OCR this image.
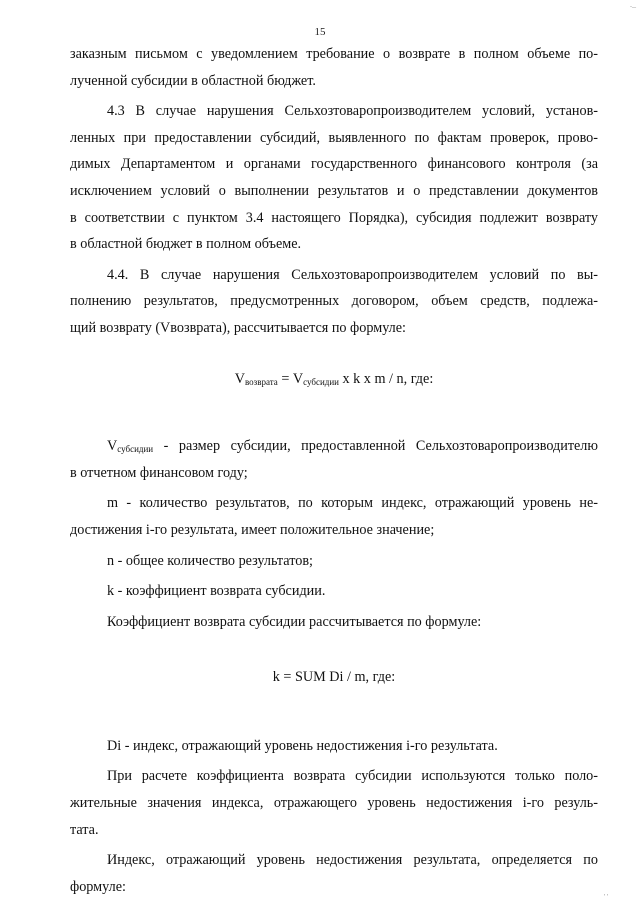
._
15
заказным письмом с уведомлением требование о возврате в полном объеме по-
лученной субсидии в областной бюджет.
4.3 В случае нарушения Сельхозтоваропроизводителем условий, установ-
ленных при предоставлении субсидий, выявленного по фактам проверок, прово-
димых Департаментом и органами государственного финансового контроля (за
исключением условий о выполнении результатов и о представлении документов
в соответствии с пунктом 3.4 настоящего Порядка), субсидия подлежит возврату
в областной бюджет в полном объеме.
4.4. В случае нарушения Сельхозтоваропроизводителем условий по вы-
полнению результатов, предусмотренных договором, объем средств, подлежа-
щий возврату (Vвозврата), рассчитывается по формуле:
$V_{возврата} = V_{субсидии}$ x k x m / n, где:
$V_{субсидии}$ - размер субсидии, предоставленной Сельхозтоваропроизводителю
в отчетном финансовом году;
m - количество результатов, по которым индекс, отражающий уровень не-
достижения i-го результата, имеет положительное значение;
n - общее количество результатов;
k - коэффициент возврата субсидии.
Коэффициент возврата субсидии рассчитывается по формуле:
k = SUM Di / m, где:
Di - индекс, отражающий уровень недостижения i-го результата.
При расчете коэффициента возврата субсидии используются только поло-
жительные значения индекса, отражающего уровень недостижения i-го резуль-
тата.
Индекс, отражающий уровень недостижения результата, определяется по
формуле:
' '
